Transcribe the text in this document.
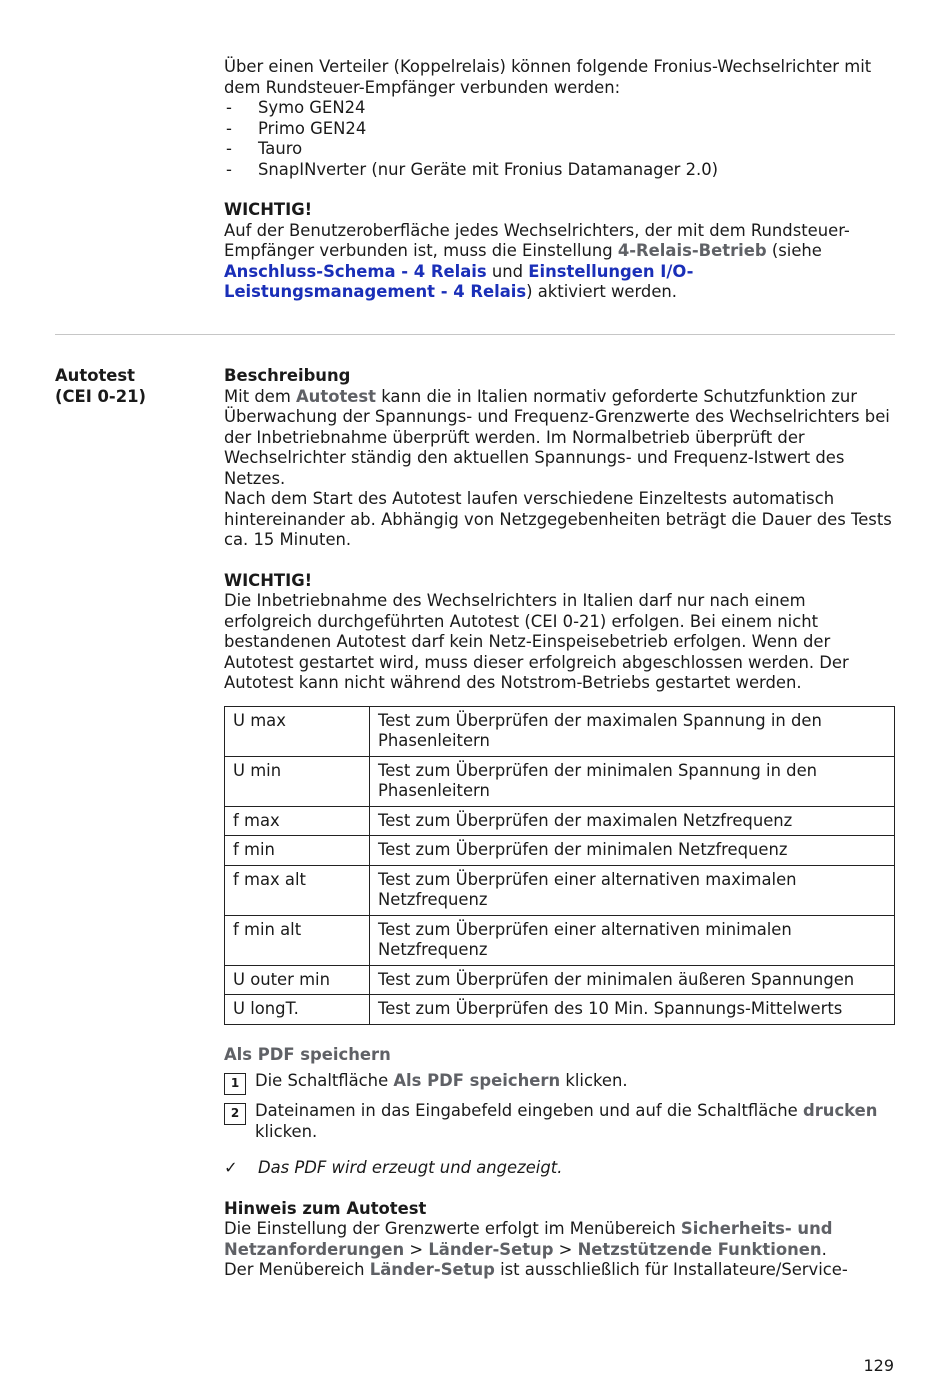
Über einen Verteiler (Koppelrelais) können folgende Fronius-Wechselrichter mit dem Rundsteuer-Empfänger verbunden werden:

- Symo GEN24
- Primo GEN24
- Tauro
- SnapINverter (nur Geräte mit Fronius Datamanager 2.0)

WICHTIG!

Auf der Benutzeroberfläche jedes Wechselrichters, der mit dem Rundsteuer-Empfänger verbunden ist, muss die Einstellung 4-Relais-Betrieb (siehe Anschluss-Schema - 4 Relais und Einstellungen I/O-Leistungsmanagement - 4 Relais) aktiviert werden.

Autotest
(CEI 0-21)

Beschreibung

Mit dem Autotest kann die in Italien normativ geforderte Schutzfunktion zur Überwachung der Spannungs- und Frequenz-Grenzwerte des Wechselrichters bei der Inbetriebnahme überprüft werden. Im Normalbetrieb überprüft der Wechselrichter ständig den aktuellen Spannungs- und Frequenz-Istwert des Netzes.

Nach dem Start des Autotest laufen verschiedene Einzeltests automatisch hintereinander ab. Abhängig von Netzgegebenheiten beträgt die Dauer des Tests ca. 15 Minuten.

WICHTIG!

Die Inbetriebnahme des Wechselrichters in Italien darf nur nach einem erfolgreich durchgeführten Autotest (CEI 0-21) erfolgen. Bei einem nicht bestandenen Autotest darf kein Netz-Einspeisebetrieb erfolgen. Wenn der Autotest gestartet wird, muss dieser erfolgreich abgeschlossen werden. Der Autotest kann nicht während des Notstrom-Betriebs gestartet werden.

U max	Test zum Überprüfen der maximalen Spannung in den Phasenleitern
U min	Test zum Überprüfen der minimalen Spannung in den Phasenleitern
f max	Test zum Überprüfen der maximalen Netzfrequenz
f min	Test zum Überprüfen der minimalen Netzfrequenz
f max alt	Test zum Überprüfen einer alternativen maximalen Netzfrequenz
f min alt	Test zum Überprüfen einer alternativen minimalen Netzfrequenz
U outer min	Test zum Überprüfen der minimalen äußeren Spannungen
U longT.	Test zum Überprüfen des 10 Min. Spannungs-Mittelwerts

Als PDF speichern

1 Die Schaltfläche Als PDF speichern klicken.
2 Dateinamen in das Eingabefeld eingeben und auf die Schaltfläche drucken klicken.
✓	Das PDF wird erzeugt und angezeigt.

Hinweis zum Autotest

Die Einstellung der Grenzwerte erfolgt im Menübereich Sicherheits- und Netzanforderungen > Länder-Setup > Netzstützende Funktionen.

Der Menübereich Länder-Setup ist ausschließlich für Installateure/Service-

129
